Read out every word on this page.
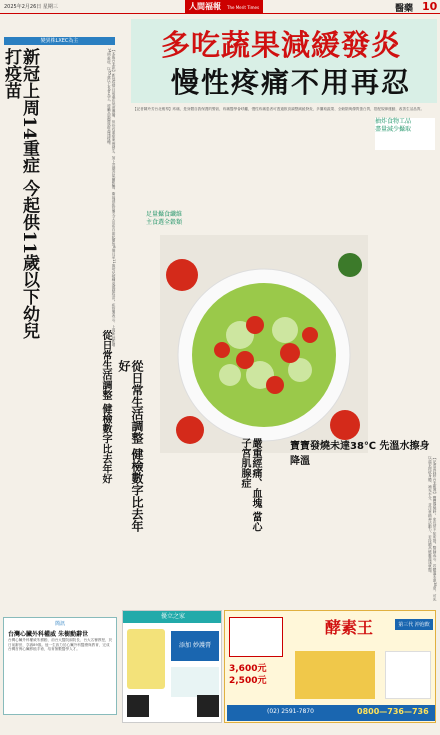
2025年2月26日 星期三	人間福報 The Merit Times	醫藥 10
變異株LXEC為主
新冠上周14重症 今起供11歲以下幼兒打疫苗	【本報台北訊】新冠疫情目前處在低度傳播，但仍有重症案例發生，加上近期冷氣團影響，衛福部疾管署今天宣布自即起開放6個月至11歲幼兒接種莫德納疫苗。疾管署表示，上周新冠新增14例重症，以65歲以上長者為主，呼籲高風險族群盡速接種。
從日常生活調整 健檢數字比去年好
簡訊
台灣心臟外科權威 朱樹勳辭世
台灣心臟外科權威朱樹勳，前台大醫院副院長、台大名譽教授，於日前辭世，享壽89歲。他一生致力於心臟外科醫療與教育，完成台灣首例心臟移植手術，培育無數醫學人才。
多吃蔬果減緩發炎
慢性疼痛不用再忍
【記者陳玲芳台北報導】疼痛，是身體自我保護的警訊，疼痛醫學會呼籲，慢性疼痛患者可透過飲食調整減緩發炎，多攝取蔬果、全穀類與優質蛋白質，搭配規律運動，改善生活品質。
抽炸食物工品
盡量減少攝取
足量攝食纖維
主食選全穀類
嚴重經痛、血塊 當心子宮肌腺症
從日常生活調整 健檢數字比去年好
寶寶發燒未達38℃ 先溫水擦身降溫	【記者黃鈺婷台北報導】寶寶發燒時，家長常不知所措。醫師表示，若體溫未達38度，可先以溫水擦拭身體、補充水分，並注意精神活動力，若持續高燒應盡速就醫。
優立之家
添加 妙護膏
酵素王	第三代 沖泡飲
3,600元
2,500元
(02) 2591-7870	0800—736—736
